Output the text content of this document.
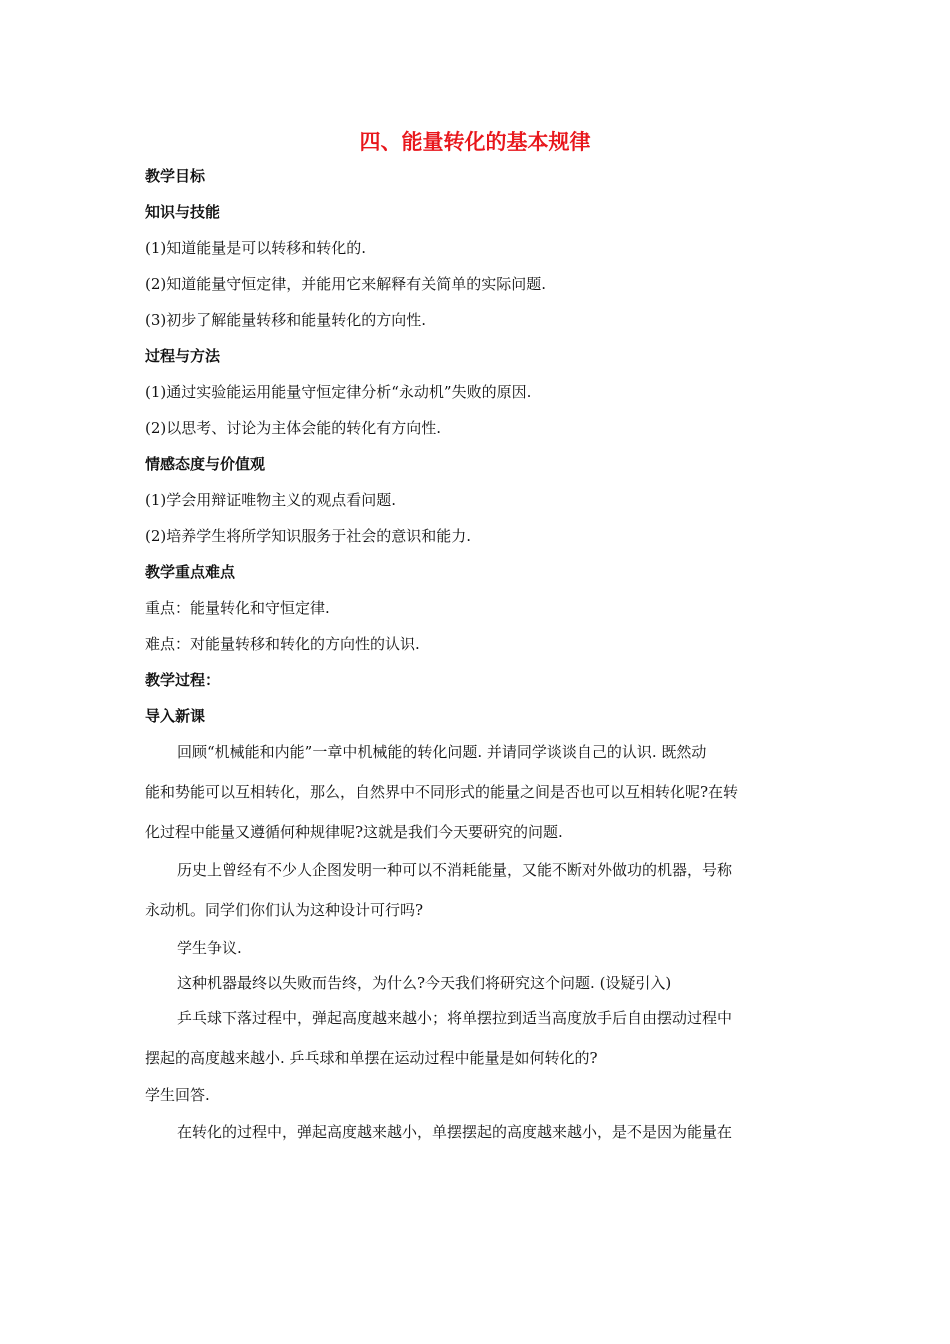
四、能量转化的基本规律
教学目标
知识与技能
(1)知道能量是可以转移和转化的.
(2)知道能量守恒定律，并能用它来解释有关简单的实际问题.
(3)初步了解能量转移和能量转化的方向性.
过程与方法
(1)通过实验能运用能量守恒定律分析“永动机”失败的原因.
(2)以思考、讨论为主体会能的转化有方向性.
情感态度与价值观
(1)学会用辩证唯物主义的观点看问题.
(2)培养学生将所学知识服务于社会的意识和能力.
教学重点难点
重点：能量转化和守恒定律.
难点：对能量转移和转化的方向性的认识.
教学过程：
导入新课
回顾“机械能和内能”一章中机械能的转化问题. 并请同学谈谈自己的认识. 既然动
能和势能可以互相转化，那么，自然界中不同形式的能量之间是否也可以互相转化呢?在转
化过程中能量又遵循何种规律呢?这就是我们今天要研究的问题.
历史上曾经有不少人企图发明一种可以不消耗能量，又能不断对外做功的机器，号称
永动机。同学们你们认为这种设计可行吗?
学生争议.
这种机器最终以失败而告终，为什么?今天我们将研究这个问题. (设疑引入)
乒乓球下落过程中，弹起高度越来越小；将单摆拉到适当高度放手后自由摆动过程中
摆起的高度越来越小. 乒乓球和单摆在运动过程中能量是如何转化的?
学生回答.
在转化的过程中，弹起高度越来越小，单摆摆起的高度越来越小，是不是因为能量在
